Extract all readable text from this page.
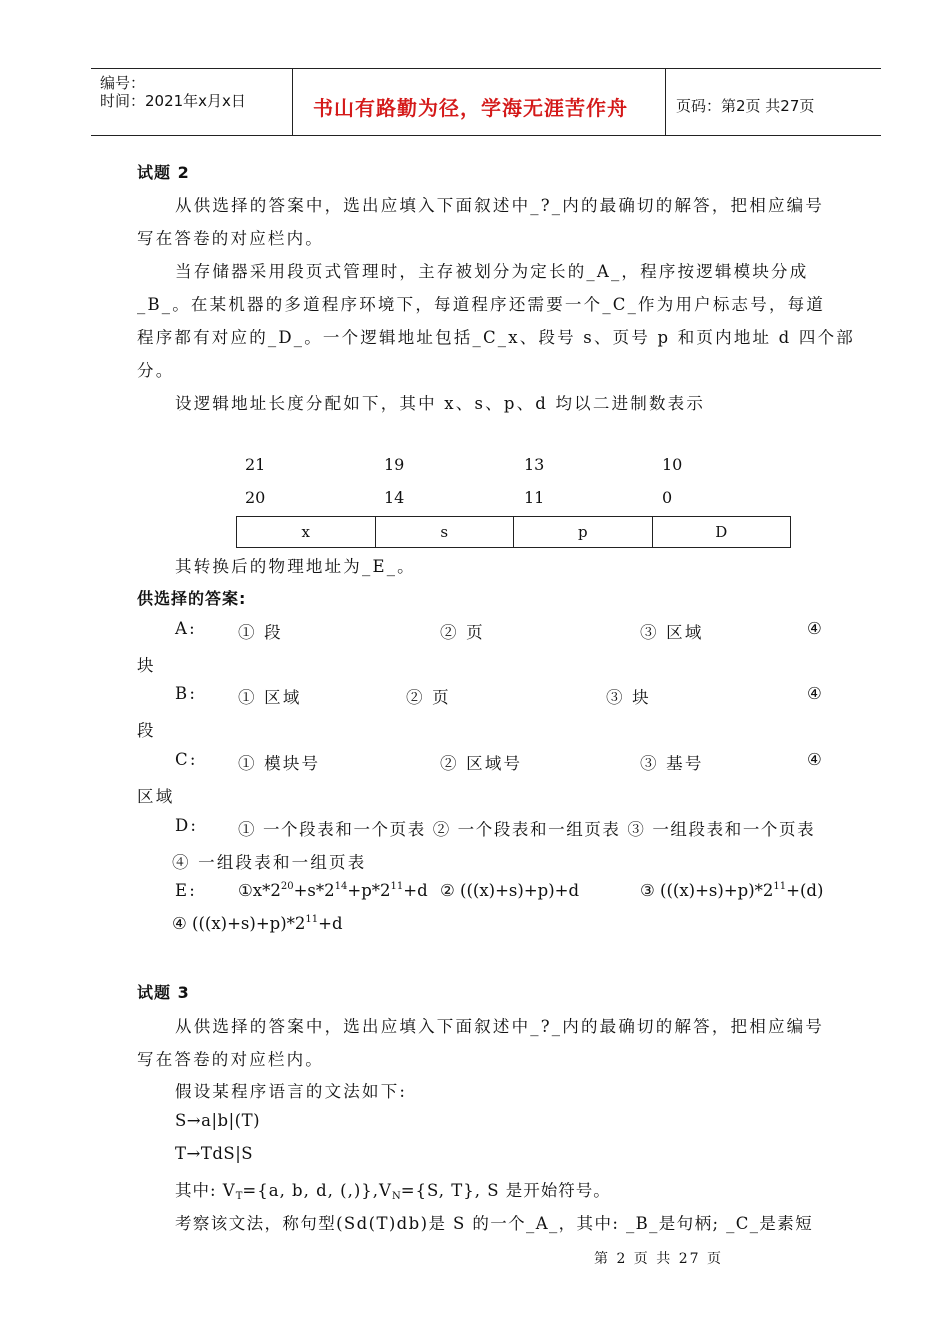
编号：
时间：2021年x月x日	书山有路勤为径，学海无涯苦作舟	页码：第2页 共27页
试题 2
从供选择的答案中，选出应填入下面叙述中_?_内的最确切的解答，把相应编号
写在答卷的对应栏内。
当存储器采用段页式管理时，主存被划分为定长的_A_，程序按逻辑模块分成
_B_。在某机器的多道程序环境下，每道程序还需要一个_C_作为用户标志号，每道
程序都有对应的_D_。一个逻辑地址包括_C_x、段号 s、页号 p 和页内地址 d 四个部
分。
设逻辑地址长度分配如下，其中 x、s、p、d 均以二进制数表示
21	19	13	10
20	14	11	0
x	s	p	D
其转换后的物理地址为_E_。
供选择的答案:
A: ① 段	② 页	③ 区域	④
块
B: ① 区域	② 页	③ 块	④
段
C: ① 模块号	② 区域号	③ 基号	④
区域
D: ① 一个段表和一个页表 ② 一个段表和一组页表 ③ 一组段表和一个页表
④ 一组段表和一组页表
E: $①x*2^{20}+s*2^{14}+p*2^{11}+d$ ② (((x)+s)+p)+d	③ $(((x)+s)+p)*2^{11}+(d)$
④ $(((x)+s)+p)*2^{11}+d$
试题 3
从供选择的答案中，选出应填入下面叙述中_?_内的最确切的解答，把相应编号
写在答卷的对应栏内。
假设某程序语言的文法如下:
S→a|b|(T)
T→TdS|S
其中: $V_T=\{a$, b, d, $(,)\},V_N=\{S$, T}, S 是开始符号。
考察该文法，称句型(Sd(T)db)是 S 的一个_A_，其中: _B_是句柄; _C_是素短
第 2 页 共 27 页
